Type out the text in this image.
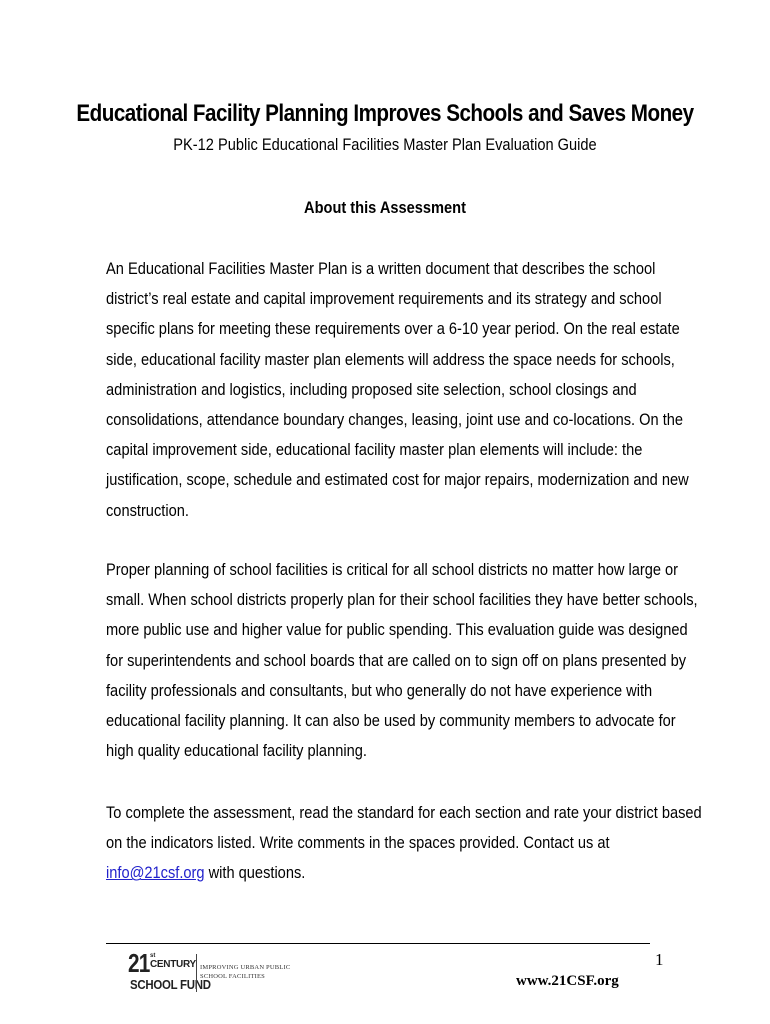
Educational Facility Planning Improves Schools and Saves Money
PK-12 Public Educational Facilities Master Plan Evaluation Guide
About this Assessment
An Educational Facilities Master Plan is a written document that describes the school
district’s real estate and capital improvement requirements and its strategy and school
specific plans for meeting these requirements over a 6-10 year period. On the real estate
side, educational facility master plan elements will address the space needs for schools,
administration and logistics, including proposed site selection, school closings and
consolidations, attendance boundary changes, leasing, joint use and co-locations. On the
capital improvement side, educational facility master plan elements will include: the
justification, scope, schedule and estimated cost for major repairs, modernization and new
construction.
Proper planning of school facilities is critical for all school districts no matter how large or
small. When school districts properly plan for their school facilities they have better schools,
more public use and higher value for public spending. This evaluation guide was designed
for superintendents and school boards that are called on to sign off on plans presented by
facility professionals and consultants, but who generally do not have experience with
educational facility planning. It can also be used by community members to advocate for
high quality educational facility planning.
To complete the assessment, read the standard for each section and rate your district based
on the indicators listed. Write comments in the spaces provided. Contact us at
info@21csf.org with questions.
1
21 st
CENTURY
SCHOOL FUND
IMPROVING URBAN PUBLIC
SCHOOL FACILITIES	www.21CSF.org
